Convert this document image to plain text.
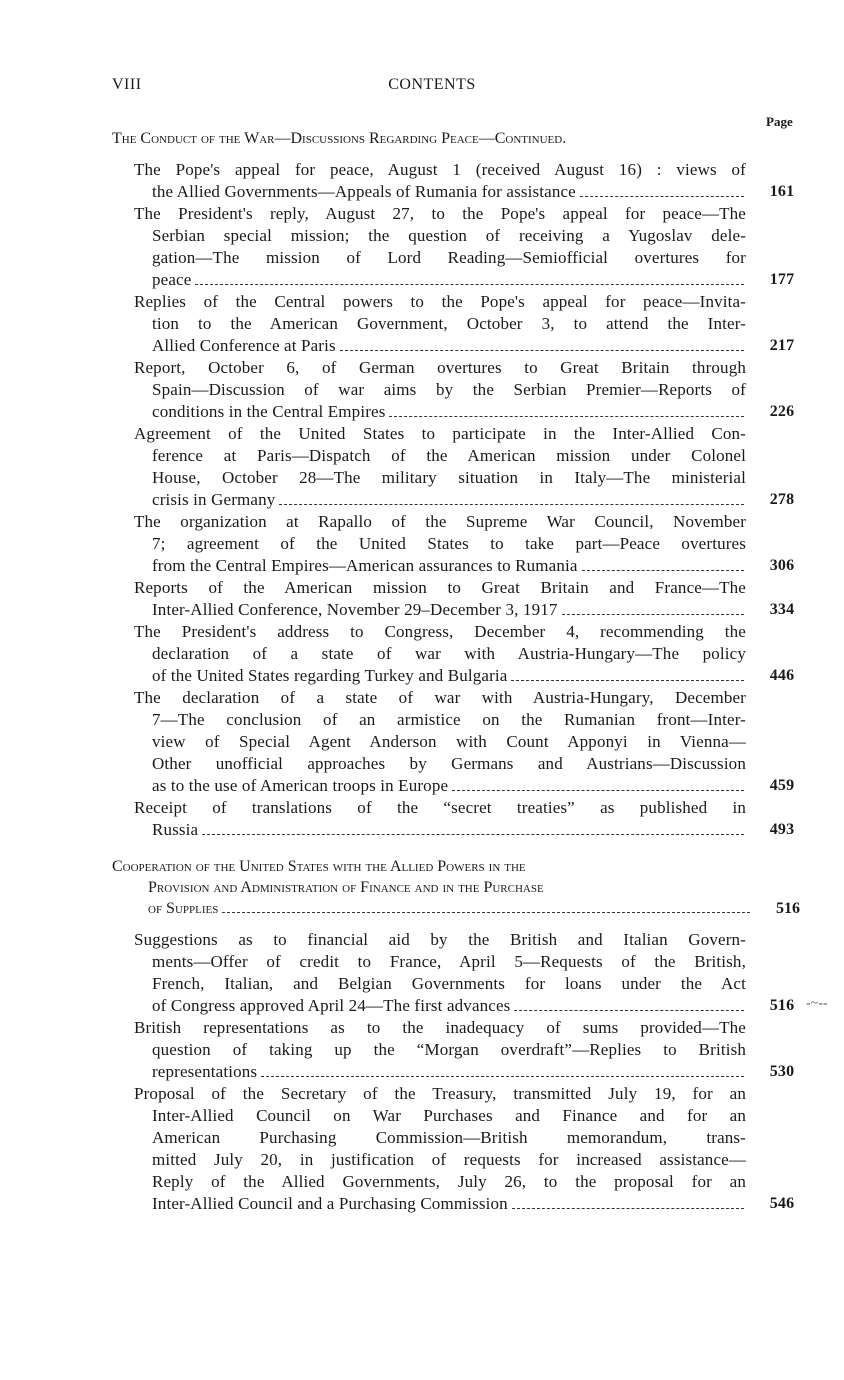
VIII	CONTENTS
Page
The Conduct of the War—Discussions Regarding Peace—Continued.
The Pope's appeal for peace, August 1 (received August 16) : views of
the Allied Governments—Appeals of Rumania for assistance	161
The President's reply, August 27, to the Pope's appeal for peace—The
Serbian special mission; the question of receiving a Yugoslav dele-
gation—The mission of Lord Reading—Semiofficial overtures for
peace	177
Replies of the Central powers to the Pope's appeal for peace—Invita-
tion to the American Government, October 3, to attend the Inter-
Allied Conference at Paris	217
Report, October 6, of German overtures to Great Britain through
Spain—Discussion of war aims by the Serbian Premier—Reports of
conditions in the Central Empires	226
Agreement of the United States to participate in the Inter-Allied Con-
ference at Paris—Dispatch of the American mission under Colonel
House, October 28—The military situation in Italy—The ministerial
crisis in Germany	278
The organization at Rapallo of the Supreme War Council, November
7; agreement of the United States to take part—Peace overtures
from the Central Empires—American assurances to Rumania	306
Reports of the American mission to Great Britain and France—The
Inter-Allied Conference, November 29–December 3, 1917	334
The President's address to Congress, December 4, recommending the
declaration of a state of war with Austria-Hungary—The policy
of the United States regarding Turkey and Bulgaria	446
The declaration of a state of war with Austria-Hungary, December
7—The conclusion of an armistice on the Rumanian front—Inter-
view of Special Agent Anderson with Count Apponyi in Vienna—
Other unofficial approaches by Germans and Austrians—Discussion
as to the use of American troops in Europe	459
Receipt of translations of the “secret treaties” as published in
Russia	493
Cooperation of the United States with the Allied Powers in the
Provision and Administration of Finance and in the Purchase
of Supplies	516
Suggestions as to financial aid by the British and Italian Govern-
ments—Offer of credit to France, April 5—Requests of the British,
French, Italian, and Belgian Governments for loans under the Act
of Congress approved April 24—The first advances	516
British representations as to the inadequacy of sums provided—The
question of taking up the “Morgan overdraft”—Replies to British
representations	530
Proposal of the Secretary of the Treasury, transmitted July 19, for an
Inter-Allied Council on War Purchases and Finance and for an
American Purchasing Commission—British memorandum, trans-
mitted July 20, in justification of requests for increased assistance—
Reply of the Allied Governments, July 26, to the proposal for an
Inter-Allied Council and a Purchasing Commission	546
‐~‐‐
